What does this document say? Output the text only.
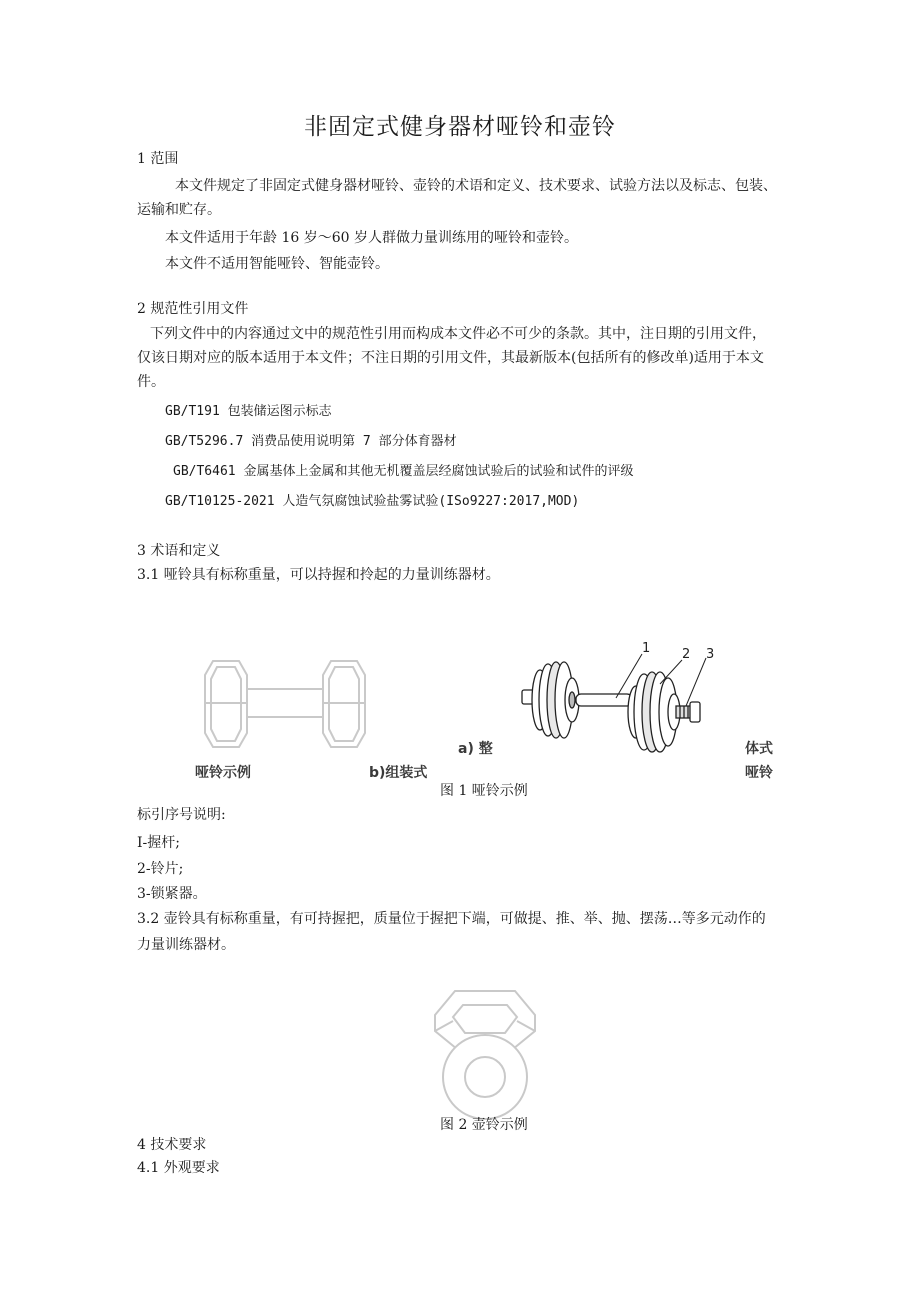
非固定式健身器材哑铃和壶铃
1 范围
本文件规定了非固定式健身器材哑铃、壶铃的术语和定义、技术要求、试验方法以及标志、包装、
运输和贮存。
本文件适用于年龄 16 岁～60 岁人群做力量训练用的哑铃和壶铃。
本文件不适用智能哑铃、智能壶铃。
2 规范性引用文件
下列文件中的内容通过文中的规范性引用而构成本文件必不可少的条款。其中，注日期的引用文件，
仅该日期对应的版本适用于本文件；不注日期的引用文件，其最新版本(包括所有的修改单)适用于本文
件。
GB/T191 包装储运图示标志
GB/T5296.7 消费品使用说明第 7 部分体育器材
GB/T6461 金属基体上金属和其他无机覆盖层经腐蚀试验后的试验和试件的评级
GB/T10125-2021 人造气氛腐蚀试验盐雾试验(ISo9227:2017,MOD)
3 术语和定义
3.1 哑铃具有标称重量，可以持握和拎起的力量训练器材。
1 2 3
哑铃示例	b)组装式
a) 整	体式
哑铃
图 1 哑铃示例
标引序号说明:
I-握杆;
2-铃片;
3-锁紧器。
3.2 壶铃具有标称重量，有可持握把，质量位于握把下端，可做提、推、举、抛、摆荡…等多元动作的
力量训练器材。
图 2 壶铃示例
4 技术要求
4.1 外观要求
